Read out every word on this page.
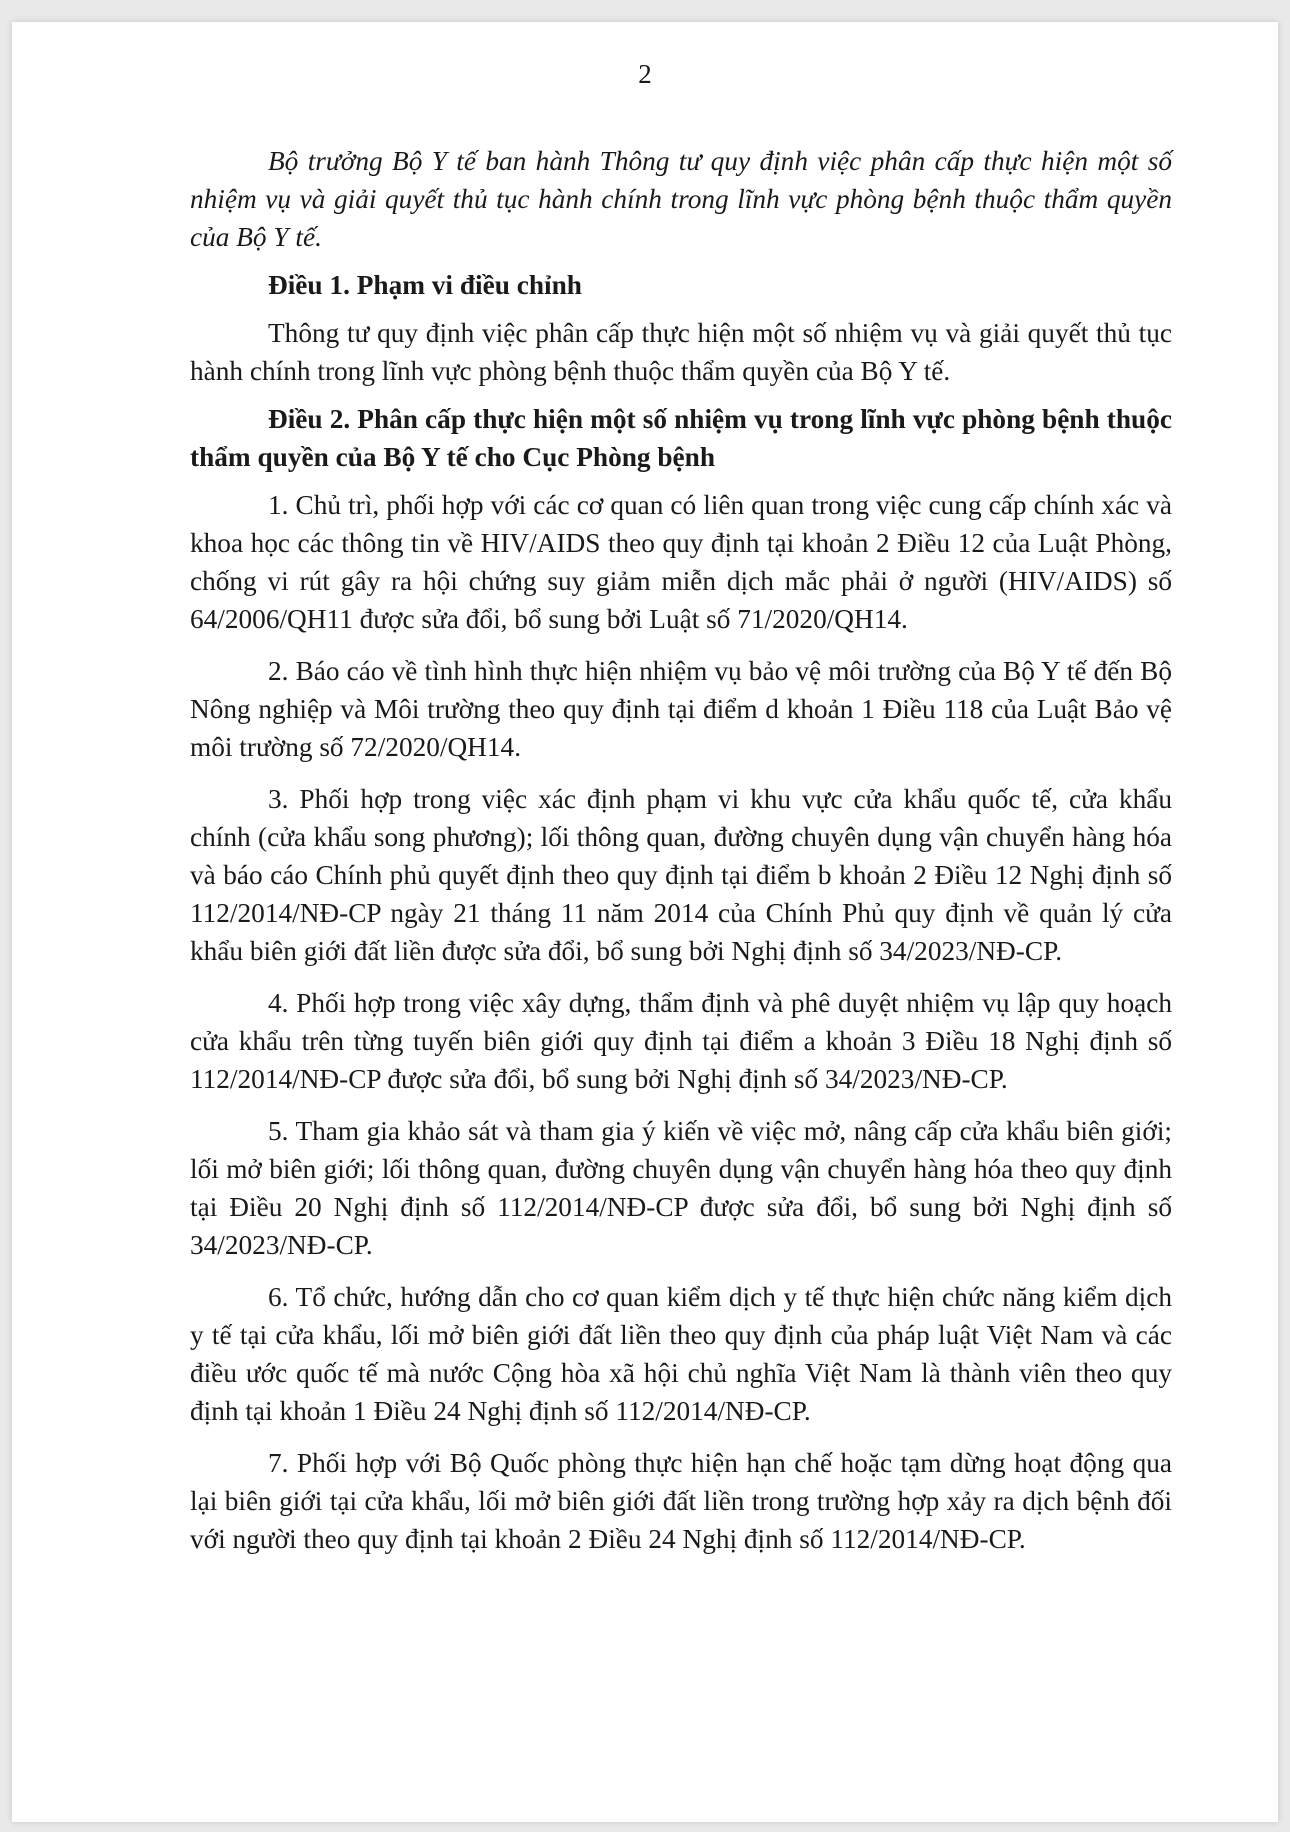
2

Bộ trưởng Bộ Y tế ban hành Thông tư quy định việc phân cấp thực hiện một số nhiệm vụ và giải quyết thủ tục hành chính trong lĩnh vực phòng bệnh thuộc thẩm quyền của Bộ Y tế.

Điều 1. Phạm vi điều chỉnh

Thông tư quy định việc phân cấp thực hiện một số nhiệm vụ và giải quyết thủ tục hành chính trong lĩnh vực phòng bệnh thuộc thẩm quyền của Bộ Y tế.

Điều 2. Phân cấp thực hiện một số nhiệm vụ trong lĩnh vực phòng bệnh thuộc thẩm quyền của Bộ Y tế cho Cục Phòng bệnh

1. Chủ trì, phối hợp với các cơ quan có liên quan trong việc cung cấp chính xác và khoa học các thông tin về HIV/AIDS theo quy định tại khoản 2 Điều 12 của Luật Phòng, chống vi rút gây ra hội chứng suy giảm miễn dịch mắc phải ở người (HIV/AIDS) số 64/2006/QH11 được sửa đổi, bổ sung bởi Luật số 71/2020/QH14.

2. Báo cáo về tình hình thực hiện nhiệm vụ bảo vệ môi trường của Bộ Y tế đến Bộ Nông nghiệp và Môi trường theo quy định tại điểm d khoản 1 Điều 118 của Luật Bảo vệ môi trường số 72/2020/QH14.

3. Phối hợp trong việc xác định phạm vi khu vực cửa khẩu quốc tế, cửa khẩu chính (cửa khẩu song phương); lối thông quan, đường chuyên dụng vận chuyển hàng hóa và báo cáo Chính phủ quyết định theo quy định tại điểm b khoản 2 Điều 12 Nghị định số 112/2014/NĐ-CP ngày 21 tháng 11 năm 2014 của Chính Phủ quy định về quản lý cửa khẩu biên giới đất liền được sửa đổi, bổ sung bởi Nghị định số 34/2023/NĐ-CP.

4. Phối hợp trong việc xây dựng, thẩm định và phê duyệt nhiệm vụ lập quy hoạch cửa khẩu trên từng tuyến biên giới quy định tại điểm a khoản 3 Điều 18 Nghị định số 112/2014/NĐ-CP được sửa đổi, bổ sung bởi Nghị định số 34/2023/NĐ-CP.

5. Tham gia khảo sát và tham gia ý kiến về việc mở, nâng cấp cửa khẩu biên giới; lối mở biên giới; lối thông quan, đường chuyên dụng vận chuyển hàng hóa theo quy định tại Điều 20 Nghị định số 112/2014/NĐ-CP được sửa đổi, bổ sung bởi Nghị định số 34/2023/NĐ-CP.

6. Tổ chức, hướng dẫn cho cơ quan kiểm dịch y tế thực hiện chức năng kiểm dịch y tế tại cửa khẩu, lối mở biên giới đất liền theo quy định của pháp luật Việt Nam và các điều ước quốc tế mà nước Cộng hòa xã hội chủ nghĩa Việt Nam là thành viên theo quy định tại khoản 1 Điều 24 Nghị định số 112/2014/NĐ-CP.

7. Phối hợp với Bộ Quốc phòng thực hiện hạn chế hoặc tạm dừng hoạt động qua lại biên giới tại cửa khẩu, lối mở biên giới đất liền trong trường hợp xảy ra dịch bệnh đối với người theo quy định tại khoản 2 Điều 24 Nghị định số 112/2014/NĐ-CP.
